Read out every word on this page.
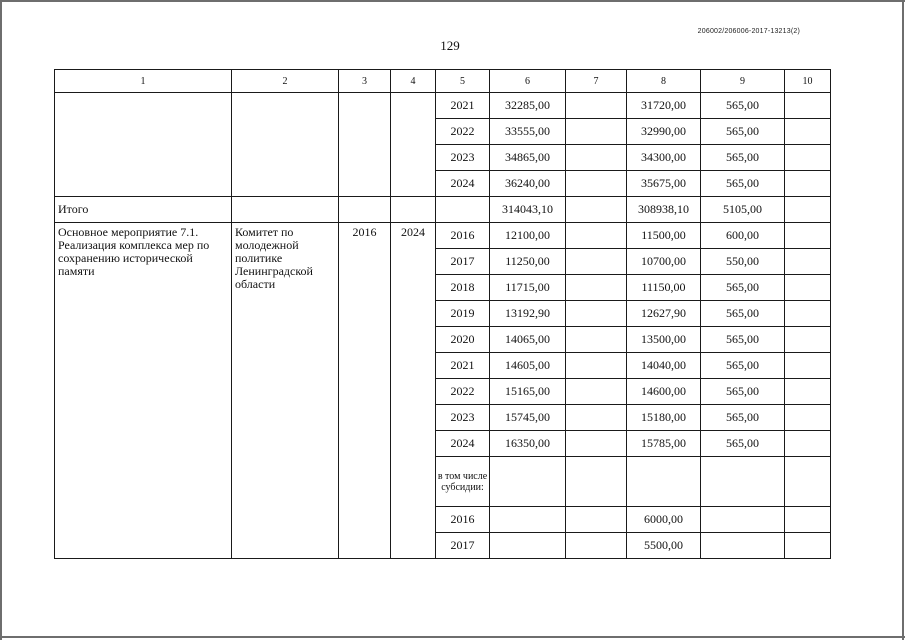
206002/206006-2017-13213(2)
129
1	2	3	4	5	6	7	8	9	10
				2021	32285,00		31720,00	565,00	
				2022	33555,00		32990,00	565,00	
				2023	34865,00		34300,00	565,00	
				2024	36240,00		35675,00	565,00	
Итого					314043,10		308938,10	5105,00	
Основное мероприятие 7.1. Реализация комплекса мер по сохранению исторической памяти	Комитет по молодежной политике Ленинградской области	2016	2024	2016	12100,00		11500,00	600,00	
				2017	11250,00		10700,00	550,00	
				2018	11715,00		11150,00	565,00	
				2019	13192,90		12627,90	565,00	
				2020	14065,00		13500,00	565,00	
				2021	14605,00		14040,00	565,00	
				2022	15165,00		14600,00	565,00	
				2023	15745,00		15180,00	565,00	
				2024	16350,00		15785,00	565,00	
				в том числе субсидии:					
				2016			6000,00		
				2017			5500,00		
